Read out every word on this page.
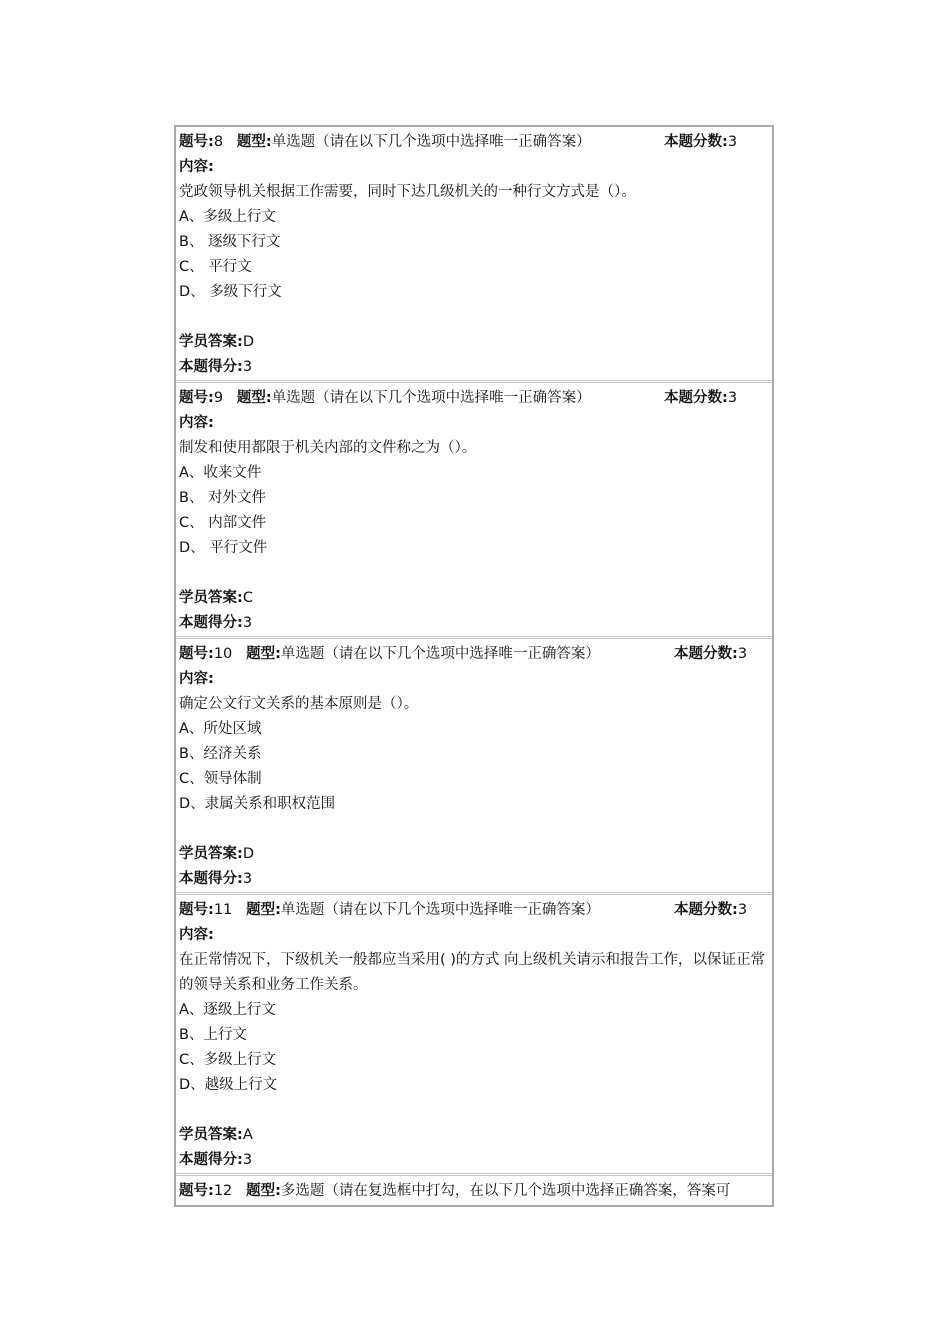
题号:8 题型:单选题（请在以下几个选项中选择唯一正确答案）	本题分数:3
内容:
党政领导机关根据工作需要，同时下达几级机关的一种行文方式是（）。
A、多级上行文
B、 逐级下行文
C、 平行文
D、 多级下行文
学员答案:D
本题得分:3
题号:9 题型:单选题（请在以下几个选项中选择唯一正确答案）	本题分数:3
内容:
制发和使用都限于机关内部的文件称之为（）。
A、收来文件
B、 对外文件
C、 内部文件
D、 平行文件
学员答案:C
本题得分:3
题号:10 题型:单选题（请在以下几个选项中选择唯一正确答案）	本题分数:3
内容:
确定公文行文关系的基本原则是（）。
A、所处区域
B、经济关系
C、领导体制
D、隶属关系和职权范围
学员答案:D
本题得分:3
题号:11 题型:单选题（请在以下几个选项中选择唯一正确答案）	本题分数:3
内容:
在正常情况下，下级机关一般都应当采用( )的方式 向上级机关请示和报告工作，以保证正常的领导关系和业务工作关系。
A、逐级上行文
B、上行文
C、多级上行文
D、越级上行文
学员答案:A
本题得分:3
题号:12 题型:多选题（请在复选框中打勾，在以下几个选项中选择正确答案，答案可
